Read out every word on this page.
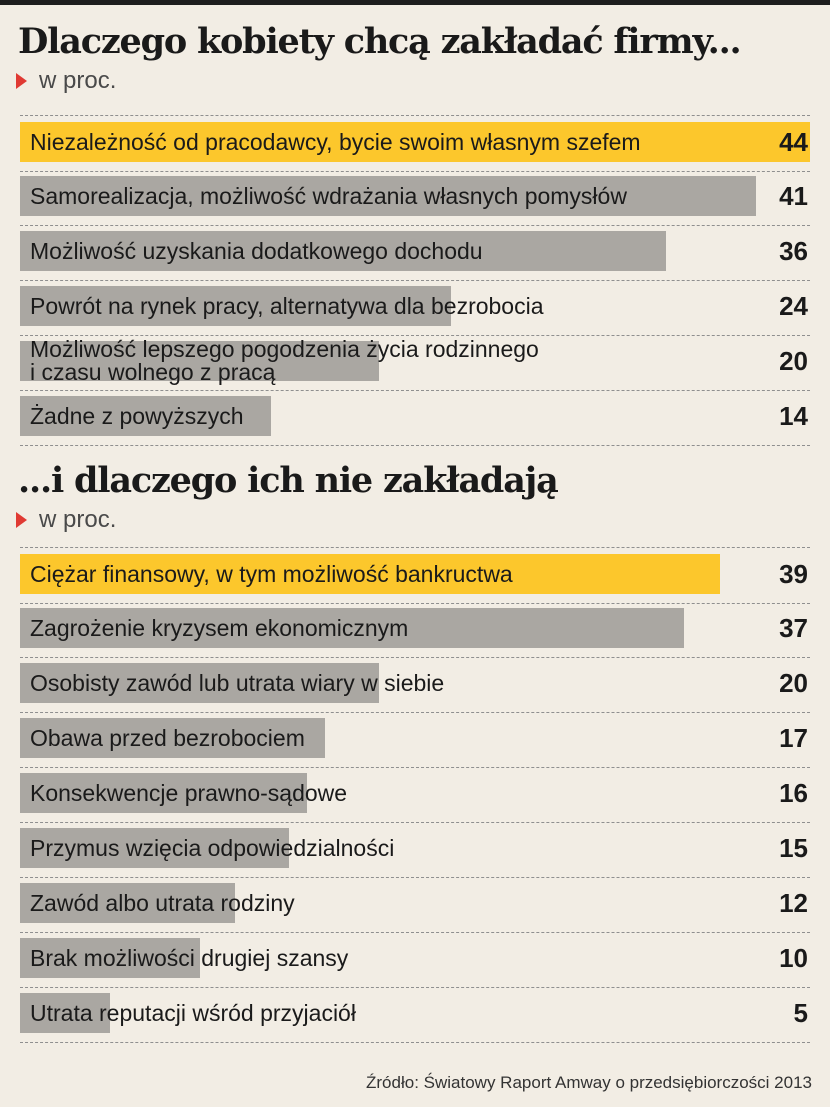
Dlaczego kobiety chcą zakładać firmy...
w proc.
Niezależność od pracodawcy, bycie swoim własnym szefem	44
Samorealizacja, możliwość wdrażania własnych pomysłów	41
Możliwość uzyskania dodatkowego dochodu	36
Powrót na rynek pracy, alternatywa dla bezrobocia	24
Możliwość lepszego pogodzenia życia rodzinnego
i czasu wolnego z pracą	20
Żadne z powyższych	14
...i dlaczego ich nie zakładają
w proc.
Ciężar finansowy, w tym możliwość bankructwa	39
Zagrożenie kryzysem ekonomicznym	37
Osobisty zawód lub utrata wiary w siebie	20
Obawa przed bezrobociem	17
Konsekwencje prawno-sądowe	16
Przymus wzięcia odpowiedzialności	15
Zawód albo utrata rodziny	12
Brak możliwości drugiej szansy	10
Utrata reputacji wśród przyjaciół	5
Źródło: Światowy Raport Amway o przedsiębiorczości 2013
